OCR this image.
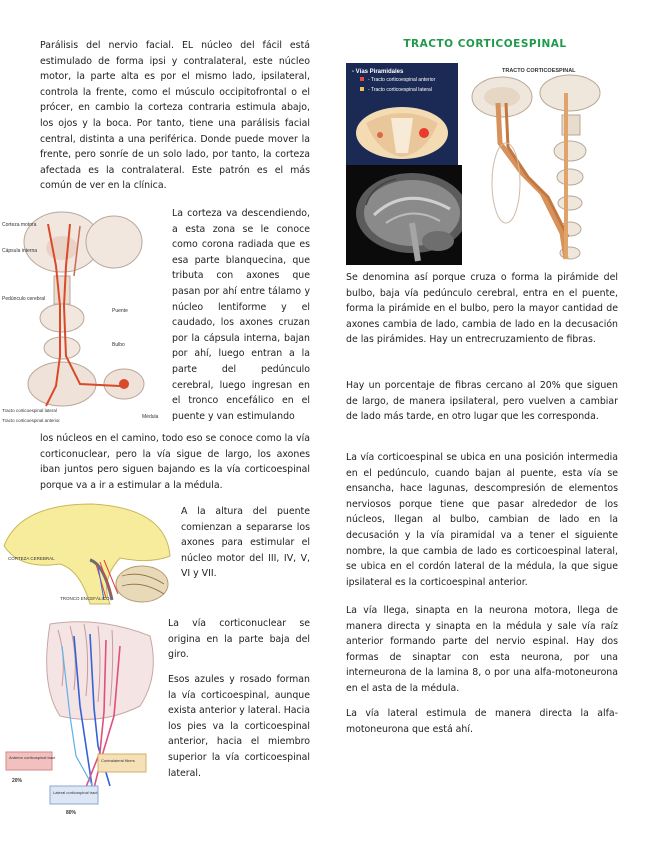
Parálisis del nervio facial. EL núcleo del fácil está estimulado de forma ipsi y contralateral, este núcleo motor, la parte alta es por el mismo lado, ipsilateral, controla la frente, como el músculo occipitofrontal o el prócer, en cambio la corteza contraria estimula abajo, los ojos y la boca. Por tanto, tiene una parálisis facial central, distinta a una periférica. Donde puede mover la frente, pero sonríe de un solo lado, por tanto, la corteza afectada es la contralateral. Este patrón es el más común de ver en la clínica.

La corteza va descendiendo, a esta zona se le conoce como corona radiada que es esa parte blanquecina, que tributa con axones que pasan por ahí entre tálamo y núcleo lentiforme y el caudado, los axones cruzan por la cápsula interna, bajan por ahí, luego entran a la parte del pedúnculo cerebral, luego ingresan en el tronco encefálico en el puente y van estimulando

los núcleos en el camino, todo eso se conoce como la vía corticonuclear, pero la vía sigue de largo, los axones iban juntos pero siguen bajando es la vía corticoespinal porque va a ir a estimular a la médula.

A la altura del puente comienzan a separarse los axones para estimular el núcleo motor del III, IV, V, VI y VII.

La vía corticonuclear se origina en la parte baja del giro.

Esos azules y rosado forman la vía corticoespinal, aunque exista anterior y lateral. Hacia los pies va la corticoespinal anterior, hacia el miembro superior la vía corticoespinal lateral.

TRACTO CORTICOESPINAL

Se denomina así porque cruza o forma la pirámide del bulbo, baja vía pedúnculo cerebral, entra en el puente, forma la pirámide en el bulbo, pero la mayor cantidad de axones cambia de lado, cambia de lado en la decusación de las pirámides. Hay un entrecruzamiento de fibras.

Hay un porcentaje de fibras cercano al 20% que siguen de largo, de manera ipsilateral, pero vuelven a cambiar de lado más tarde, en otro lugar que les corresponda.

La vía corticoespinal se ubica en una posición intermedia en el pedúnculo, cuando bajan al puente, esta vía se ensancha, hace lagunas, descompresión de elementos nerviosos porque tiene que pasar alrededor de los núcleos, llegan al bulbo, cambian de lado en la decusación y la vía piramidal va a tener el siguiente nombre, la que cambia de lado es corticoespinal lateral, se ubica en el cordón lateral de la médula, la que sigue ipsilateral es la corticoespinal anterior.

La vía llega, sinapta en la neurona motora, llega de manera directa y sinapta en la médula y sale vía raíz anterior formando parte del nervio espinal. Hay dos formas de sinaptar con esta neurona, por una interneurona de la lamina 8, o por una alfa-motoneurona en el asta de la médula.

La vía lateral estimula de manera directa la alfa-motoneurona que está ahí.

- Vías Piramidales
- Tracto corticoespinal anterior
- Tracto corticoespinal lateral
TRACTO CORTICOESPINAL
Corteza motora
Cápsula interna
Pedúnculo cerebral
Puente
Bulbo
Médula
Tracto corticoespinal lateral
Tracto corticoespinal anterior
CORTEZA CEREBRAL
TRONCO ENCEFÁLICO
Anterior corticospinal tract
20%
Contralateral fibers
Lateral corticospinal tract
80%
